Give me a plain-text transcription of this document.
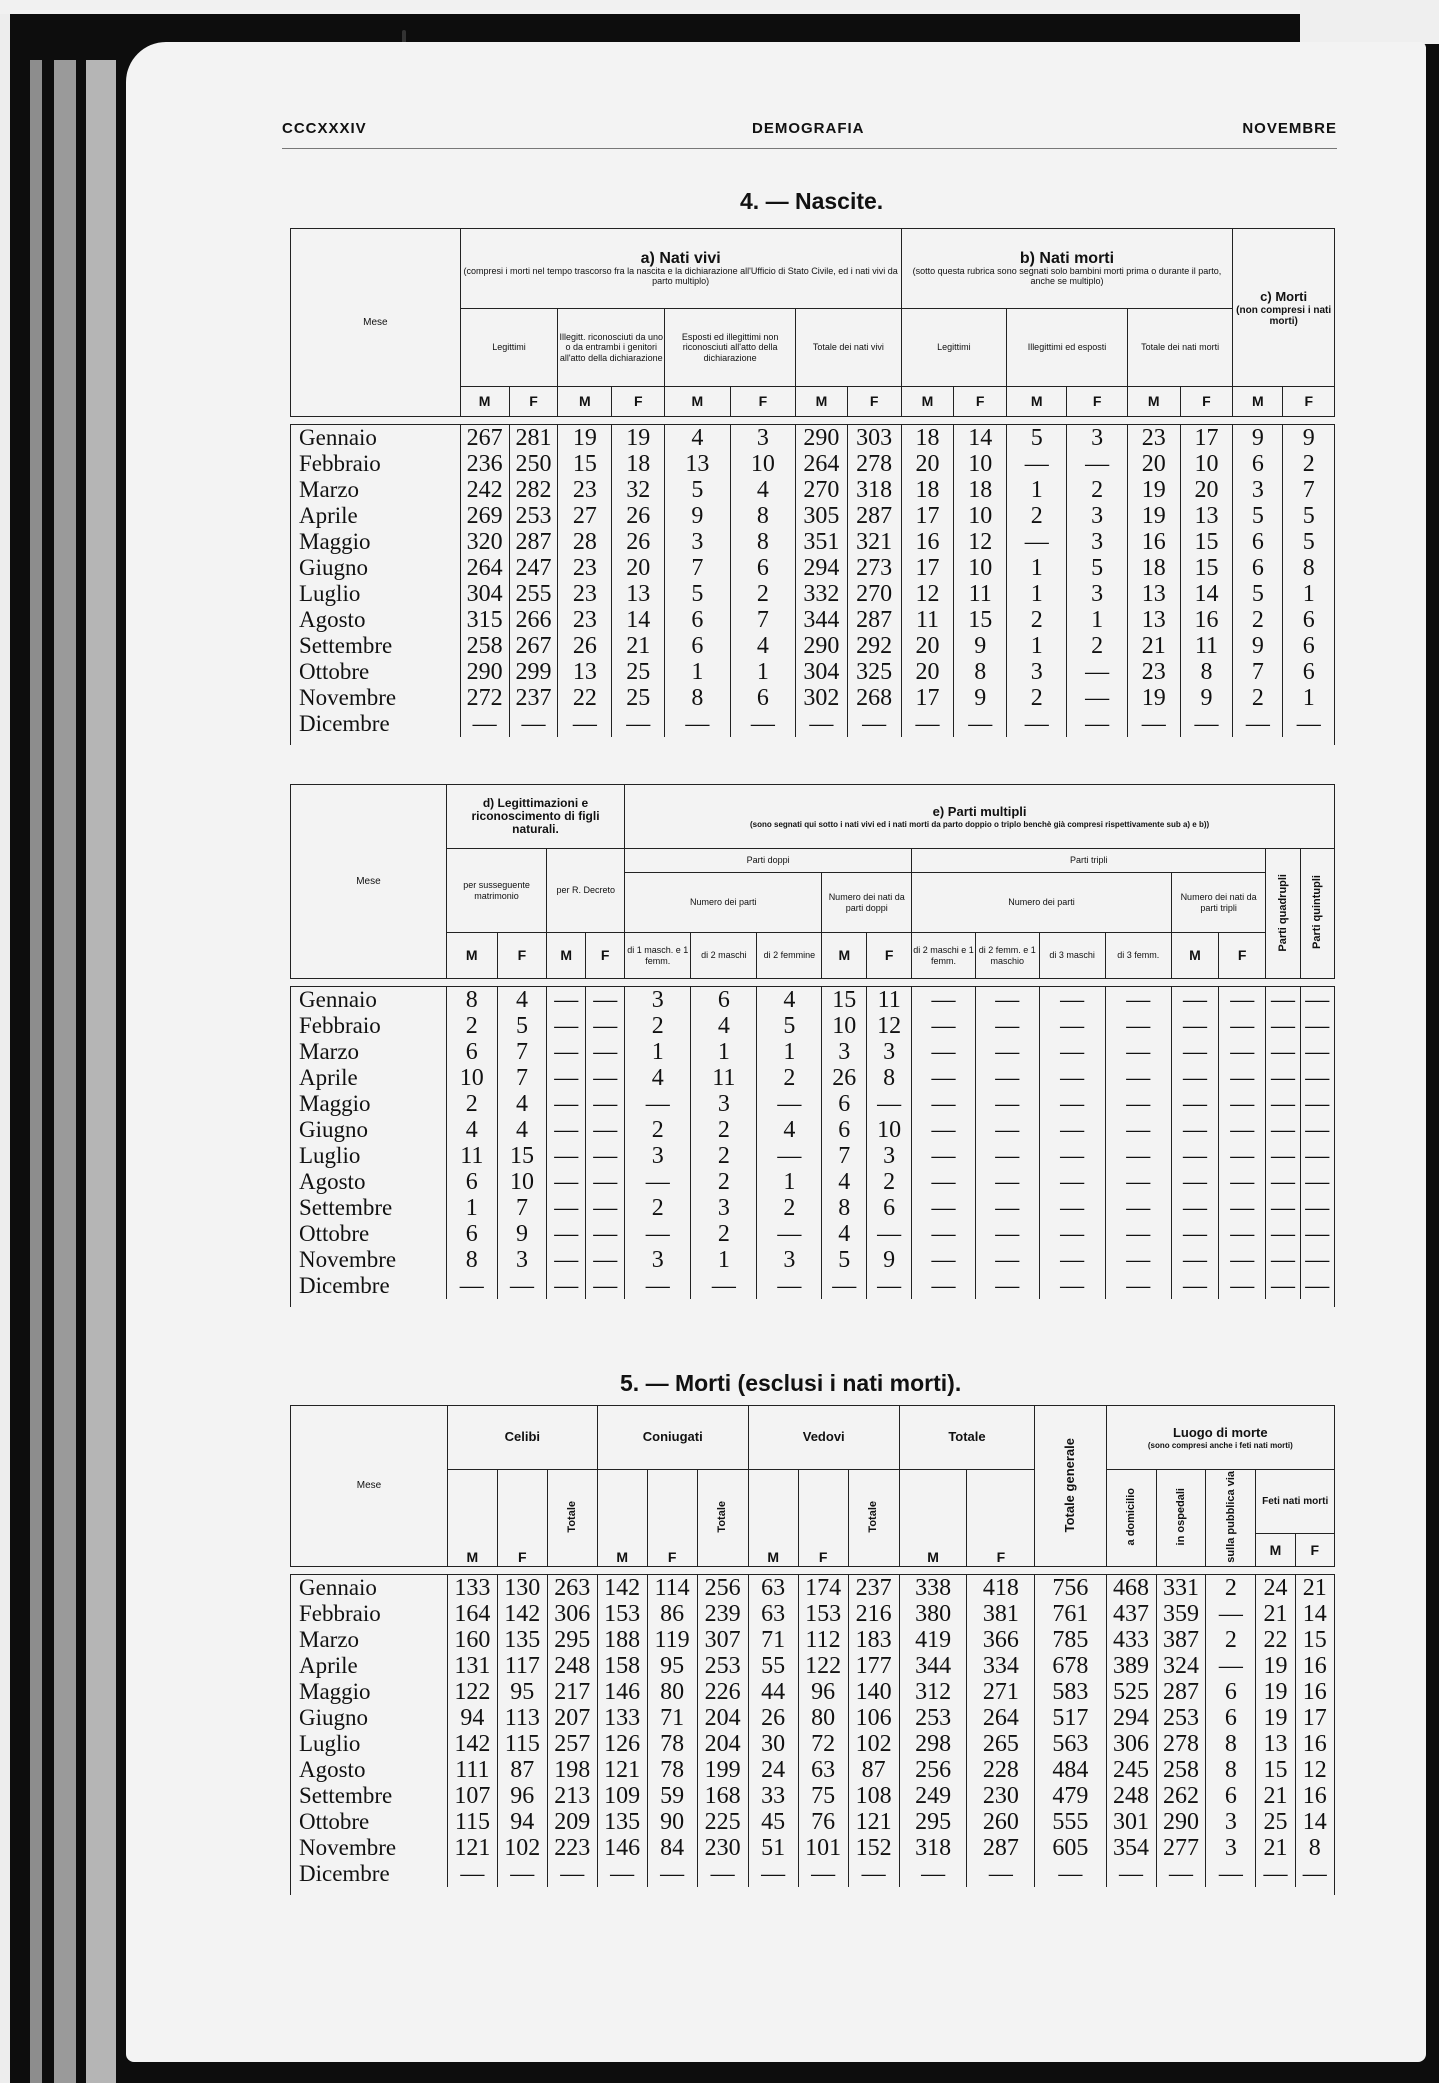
CCCXXXIV	DEMOGRAFIA	NOVEMBRE
4. — Nascite.
Mese	a) Nati vivi
(compresi i morti nel tempo trascorso fra la nascita e la dichiarazione all'Ufficio di Stato Civile, ed i nati vivi da parto multiplo)								b) Nati morti
(sotto questa rubrica sono segnati solo bambini morti prima o durante il parto, anche se multiplo)						c) Morti
(non compresi i nati morti)	

	Legittimi		Illegitt. riconosciuti da uno o da entrambi i genitori all'atto della dichiarazione		Esposti ed illegittimi non riconosciuti all'atto della dichiarazione		Totale dei nati vivi		Legittimi		Illegittimi ed esposti		Totale dei nati morti			
	M	F	M	F	M	F	M	F	M	F	M	F	M	F	M	F

Gennaio	267	281	19	19	4	3	290	303	18	14	5	3	23	17	9	9
Febbraio	236	250	15	18	13	10	264	278	20	10	—	—	20	10	6	2
Marzo	242	282	23	32	5	4	270	318	18	18	1	2	19	20	3	7
Aprile	269	253	27	26	9	8	305	287	17	10	2	3	19	13	5	5
Maggio	320	287	28	26	3	8	351	321	16	12	—	3	16	15	6	5
Giugno	264	247	23	20	7	6	294	273	17	10	1	5	18	15	6	8
Luglio	304	255	23	13	5	2	332	270	12	11	1	3	13	14	5	1
Agosto	315	266	23	14	6	7	344	287	11	15	2	1	13	16	2	6
Settembre	258	267	26	21	6	4	290	292	20	9	1	2	21	11	9	6
Ottobre	290	299	13	25	1	1	304	325	20	8	3	—	23	8	7	6
Novembre	272	237	22	25	8	6	302	268	17	9	2	—	19	9	2	1
Dicembre	—	—	—	—	—	—	—	—	—	—	—	—	—	—	—	—

Mese	d) Legittimazioni e riconoscimento di figli naturali.				e) Parti multipli
(sono segnati qui sotto i nati vivi ed i nati morti da parto doppio o triplo benchè già compresi rispettivamente sub a) e b))												

	per susseguente matrimonio		per R. Decreto		Parti doppi					Parti tripli						Parti quadrupli	Parti quintupli
					Numero dei parti			Numero dei nati da parti doppi		Numero dei parti				Numero dei nati da parti tripli			
	M	F	M	F	di 1 masch. e 1 femm.	di 2 maschi	di 2 femmine	M	F	di 2 maschi e 1 femm.	di 2 femm. e 1 maschio	di 3 maschi	di 3 femm.	M	F		

Gennaio	8	4	—	—	3	6	4	15	11	—	—	—	—	—	—	—	—
Febbraio	2	5	—	—	2	4	5	10	12	—	—	—	—	—	—	—	—
Marzo	6	7	—	—	1	1	1	3	3	—	—	—	—	—	—	—	—
Aprile	10	7	—	—	4	11	2	26	8	—	—	—	—	—	—	—	—
Maggio	2	4	—	—	—	3	—	6	—	—	—	—	—	—	—	—	—
Giugno	4	4	—	—	2	2	4	6	10	—	—	—	—	—	—	—	—
Luglio	11	15	—	—	3	2	—	7	3	—	—	—	—	—	—	—	—
Agosto	6	10	—	—	—	2	1	4	2	—	—	—	—	—	—	—	—
Settembre	1	7	—	—	2	3	2	8	6	—	—	—	—	—	—	—	—
Ottobre	6	9	—	—	—	2	—	4	—	—	—	—	—	—	—	—	—
Novembre	8	3	—	—	3	1	3	5	9	—	—	—	—	—	—	—	—
Dicembre	—	—	—	—	—	—	—	—	—	—	—	—	—	—	—	—	—

5. — Morti (esclusi i nati morti).
Mese	Celibi			Coniugati			Vedovi			Totale		Totale generale	Luogo di morte
(sono compresi anche i feti nati morti)				

	M	F	Totale	M	F	Totale	M	F	Totale	M	F		a domicilio	in ospedali	sulla pubblica via	Feti nati morti	
																M	F

Gennaio	133	130	263	142	114	256	63	174	237	338	418	756	468	331	2	24	21
Febbraio	164	142	306	153	86	239	63	153	216	380	381	761	437	359	—	21	14
Marzo	160	135	295	188	119	307	71	112	183	419	366	785	433	387	2	22	15
Aprile	131	117	248	158	95	253	55	122	177	344	334	678	389	324	—	19	16
Maggio	122	95	217	146	80	226	44	96	140	312	271	583	525	287	6	19	16
Giugno	94	113	207	133	71	204	26	80	106	253	264	517	294	253	6	19	17
Luglio	142	115	257	126	78	204	30	72	102	298	265	563	306	278	8	13	16
Agosto	111	87	198	121	78	199	24	63	87	256	228	484	245	258	8	15	12
Settembre	107	96	213	109	59	168	33	75	108	249	230	479	248	262	6	21	16
Ottobre	115	94	209	135	90	225	45	76	121	295	260	555	301	290	3	25	14
Novembre	121	102	223	146	84	230	51	101	152	318	287	605	354	277	3	21	8
Dicembre	—	—	—	—	—	—	—	—	—	—	—	—	—	—	—	—	—
